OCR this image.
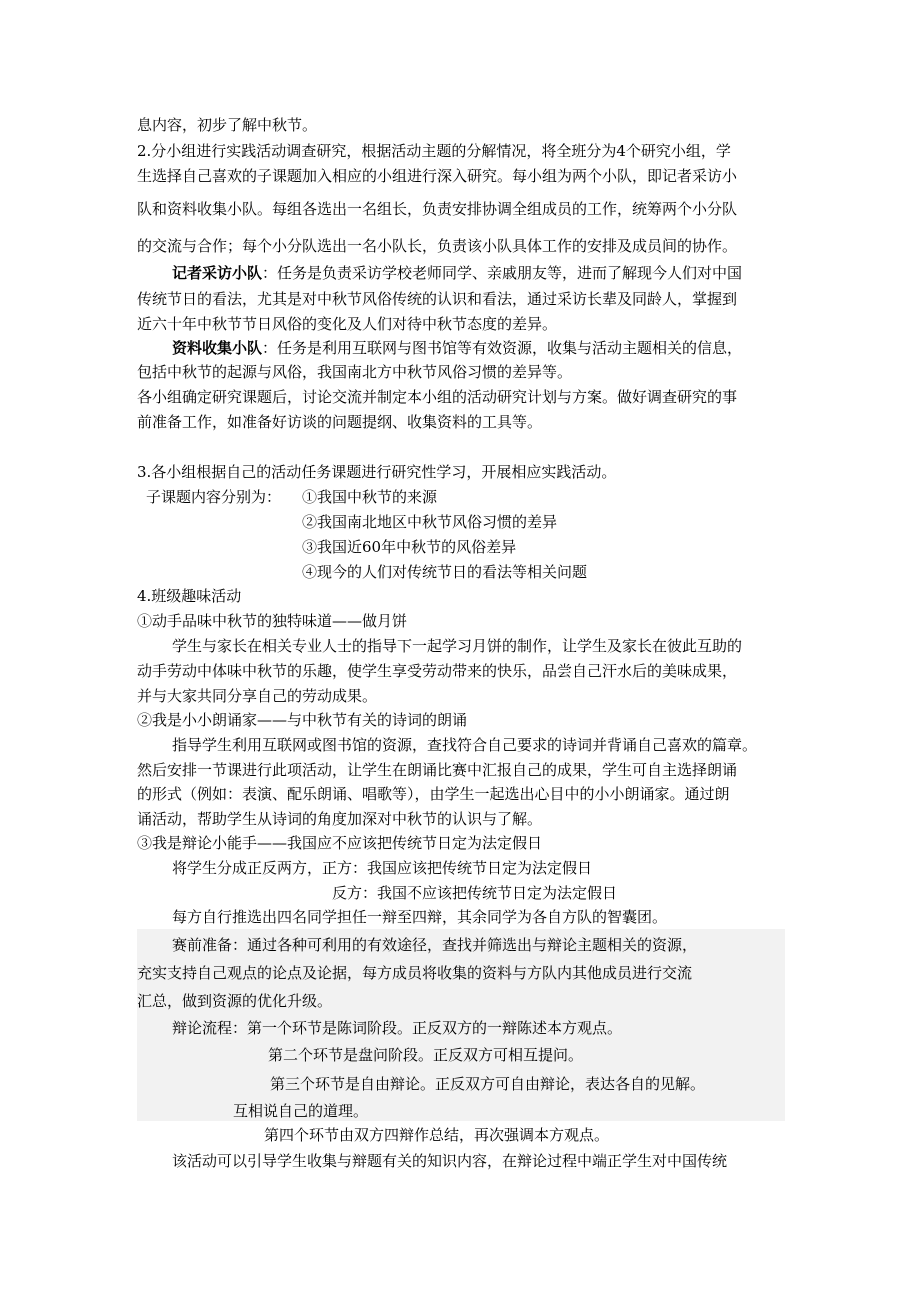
息内容，初步了解中秋节。
2.分小组进行实践活动调查研究，根据活动主题的分解情况，将全班分为4个研究小组，学
生选择自己喜欢的子课题加入相应的小组进行深入研究。每小组为两个小队，即记者采访小
队和资料收集小队。每组各选出一名组长，负责安排协调全组成员的工作，统筹两个小分队
的交流与合作；每个小分队选出一名小队长，负责该小队具体工作的安排及成员间的协作。
记者采访小队：任务是负责采访学校老师同学、亲戚朋友等，进而了解现今人们对中国
传统节日的看法，尤其是对中秋节风俗传统的认识和看法，通过采访长辈及同龄人，掌握到
近六十年中秋节节日风俗的变化及人们对待中秋节态度的差异。
资料收集小队：任务是利用互联网与图书馆等有效资源，收集与活动主题相关的信息，
包括中秋节的起源与风俗，我国南北方中秋节风俗习惯的差异等。
各小组确定研究课题后，讨论交流并制定本小组的活动研究计划与方案。做好调查研究的事
前准备工作，如准备好访谈的问题提纲、收集资料的工具等。
3.各小组根据自己的活动任务课题进行研究性学习，开展相应实践活动。
子课题内容分别为： ①我国中秋节的来源
②我国南北地区中秋节风俗习惯的差异
③我国近60年中秋节的风俗差异
④现今的人们对传统节日的看法等相关问题
4.班级趣味活动
①动手品味中秋节的独特味道——做月饼
学生与家长在相关专业人士的指导下一起学习月饼的制作，让学生及家长在彼此互助的
动手劳动中体味中秋节的乐趣，使学生享受劳动带来的快乐，品尝自己汗水后的美味成果，
并与大家共同分享自己的劳动成果。
②我是小小朗诵家——与中秋节有关的诗词的朗诵
指导学生利用互联网或图书馆的资源，查找符合自己要求的诗词并背诵自己喜欢的篇章。
然后安排一节课进行此项活动，让学生在朗诵比赛中汇报自己的成果，学生可自主选择朗诵
的形式（例如：表演、配乐朗诵、唱歌等），由学生一起选出心目中的小小朗诵家。通过朗
诵活动，帮助学生从诗词的角度加深对中秋节的认识与了解。
③我是辩论小能手——我国应不应该把传统节日定为法定假日
将学生分成正反两方，正方：我国应该把传统节日定为法定假日
反方：我国不应该把传统节日定为法定假日
每方自行推选出四名同学担任一辩至四辩，其余同学为各自方队的智囊团。
赛前准备：通过各种可利用的有效途径，查找并筛选出与辩论主题相关的资源，
充实支持自己观点的论点及论据，每方成员将收集的资料与方队内其他成员进行交流
汇总，做到资源的优化升级。
辩论流程：第一个环节是陈词阶段。正反双方的一辩陈述本方观点。
第二个环节是盘问阶段。正反双方可相互提问。
第三个环节是自由辩论。正反双方可自由辩论，表达各自的见解。
互相说自己的道理。
第四个环节由双方四辩作总结，再次强调本方观点。
该活动可以引导学生收集与辩题有关的知识内容，在辩论过程中端正学生对中国传统
